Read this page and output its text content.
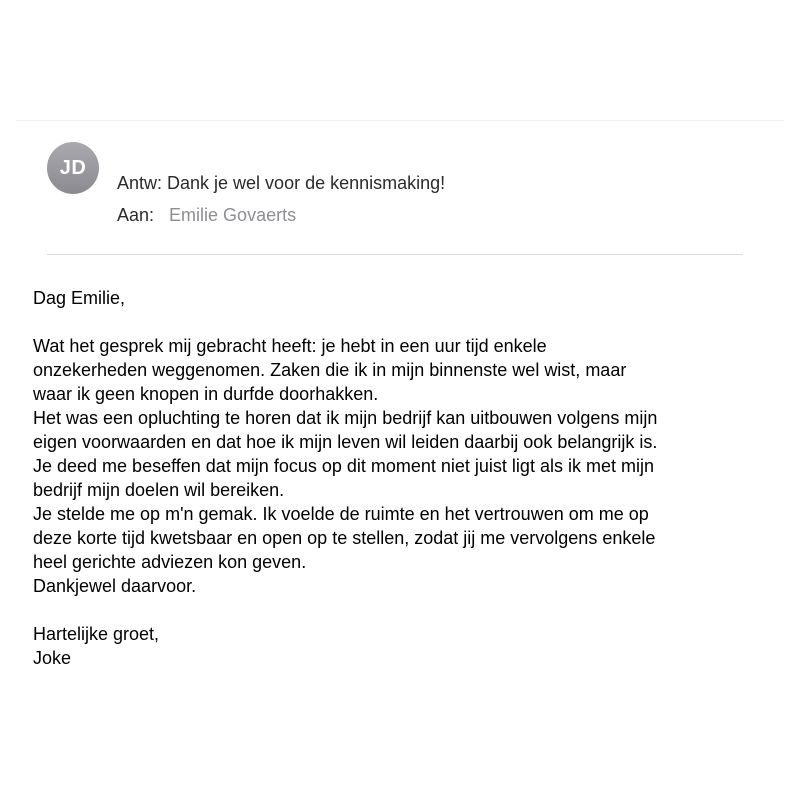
JD
Antw: Dank je wel voor de kennismaking!
Aan: Emilie Govaerts

Dag Emilie,

Wat het gesprek mij gebracht heeft: je hebt in een uur tijd enkele

onzekerheden weggenomen. Zaken die ik in mijn binnenste wel wist, maar

waar ik geen knopen in durfde doorhakken.

Het was een opluchting te horen dat ik mijn bedrijf kan uitbouwen volgens mijn

eigen voorwaarden en dat hoe ik mijn leven wil leiden daarbij ook belangrijk is.

Je deed me beseffen dat mijn focus op dit moment niet juist ligt als ik met mijn

bedrijf mijn doelen wil bereiken.

Je stelde me op m'n gemak. Ik voelde de ruimte en het vertrouwen om me op

deze korte tijd kwetsbaar en open op te stellen, zodat jij me vervolgens enkele

heel gerichte adviezen kon geven.

Dankjewel daarvoor.

Hartelijke groet,

Joke
